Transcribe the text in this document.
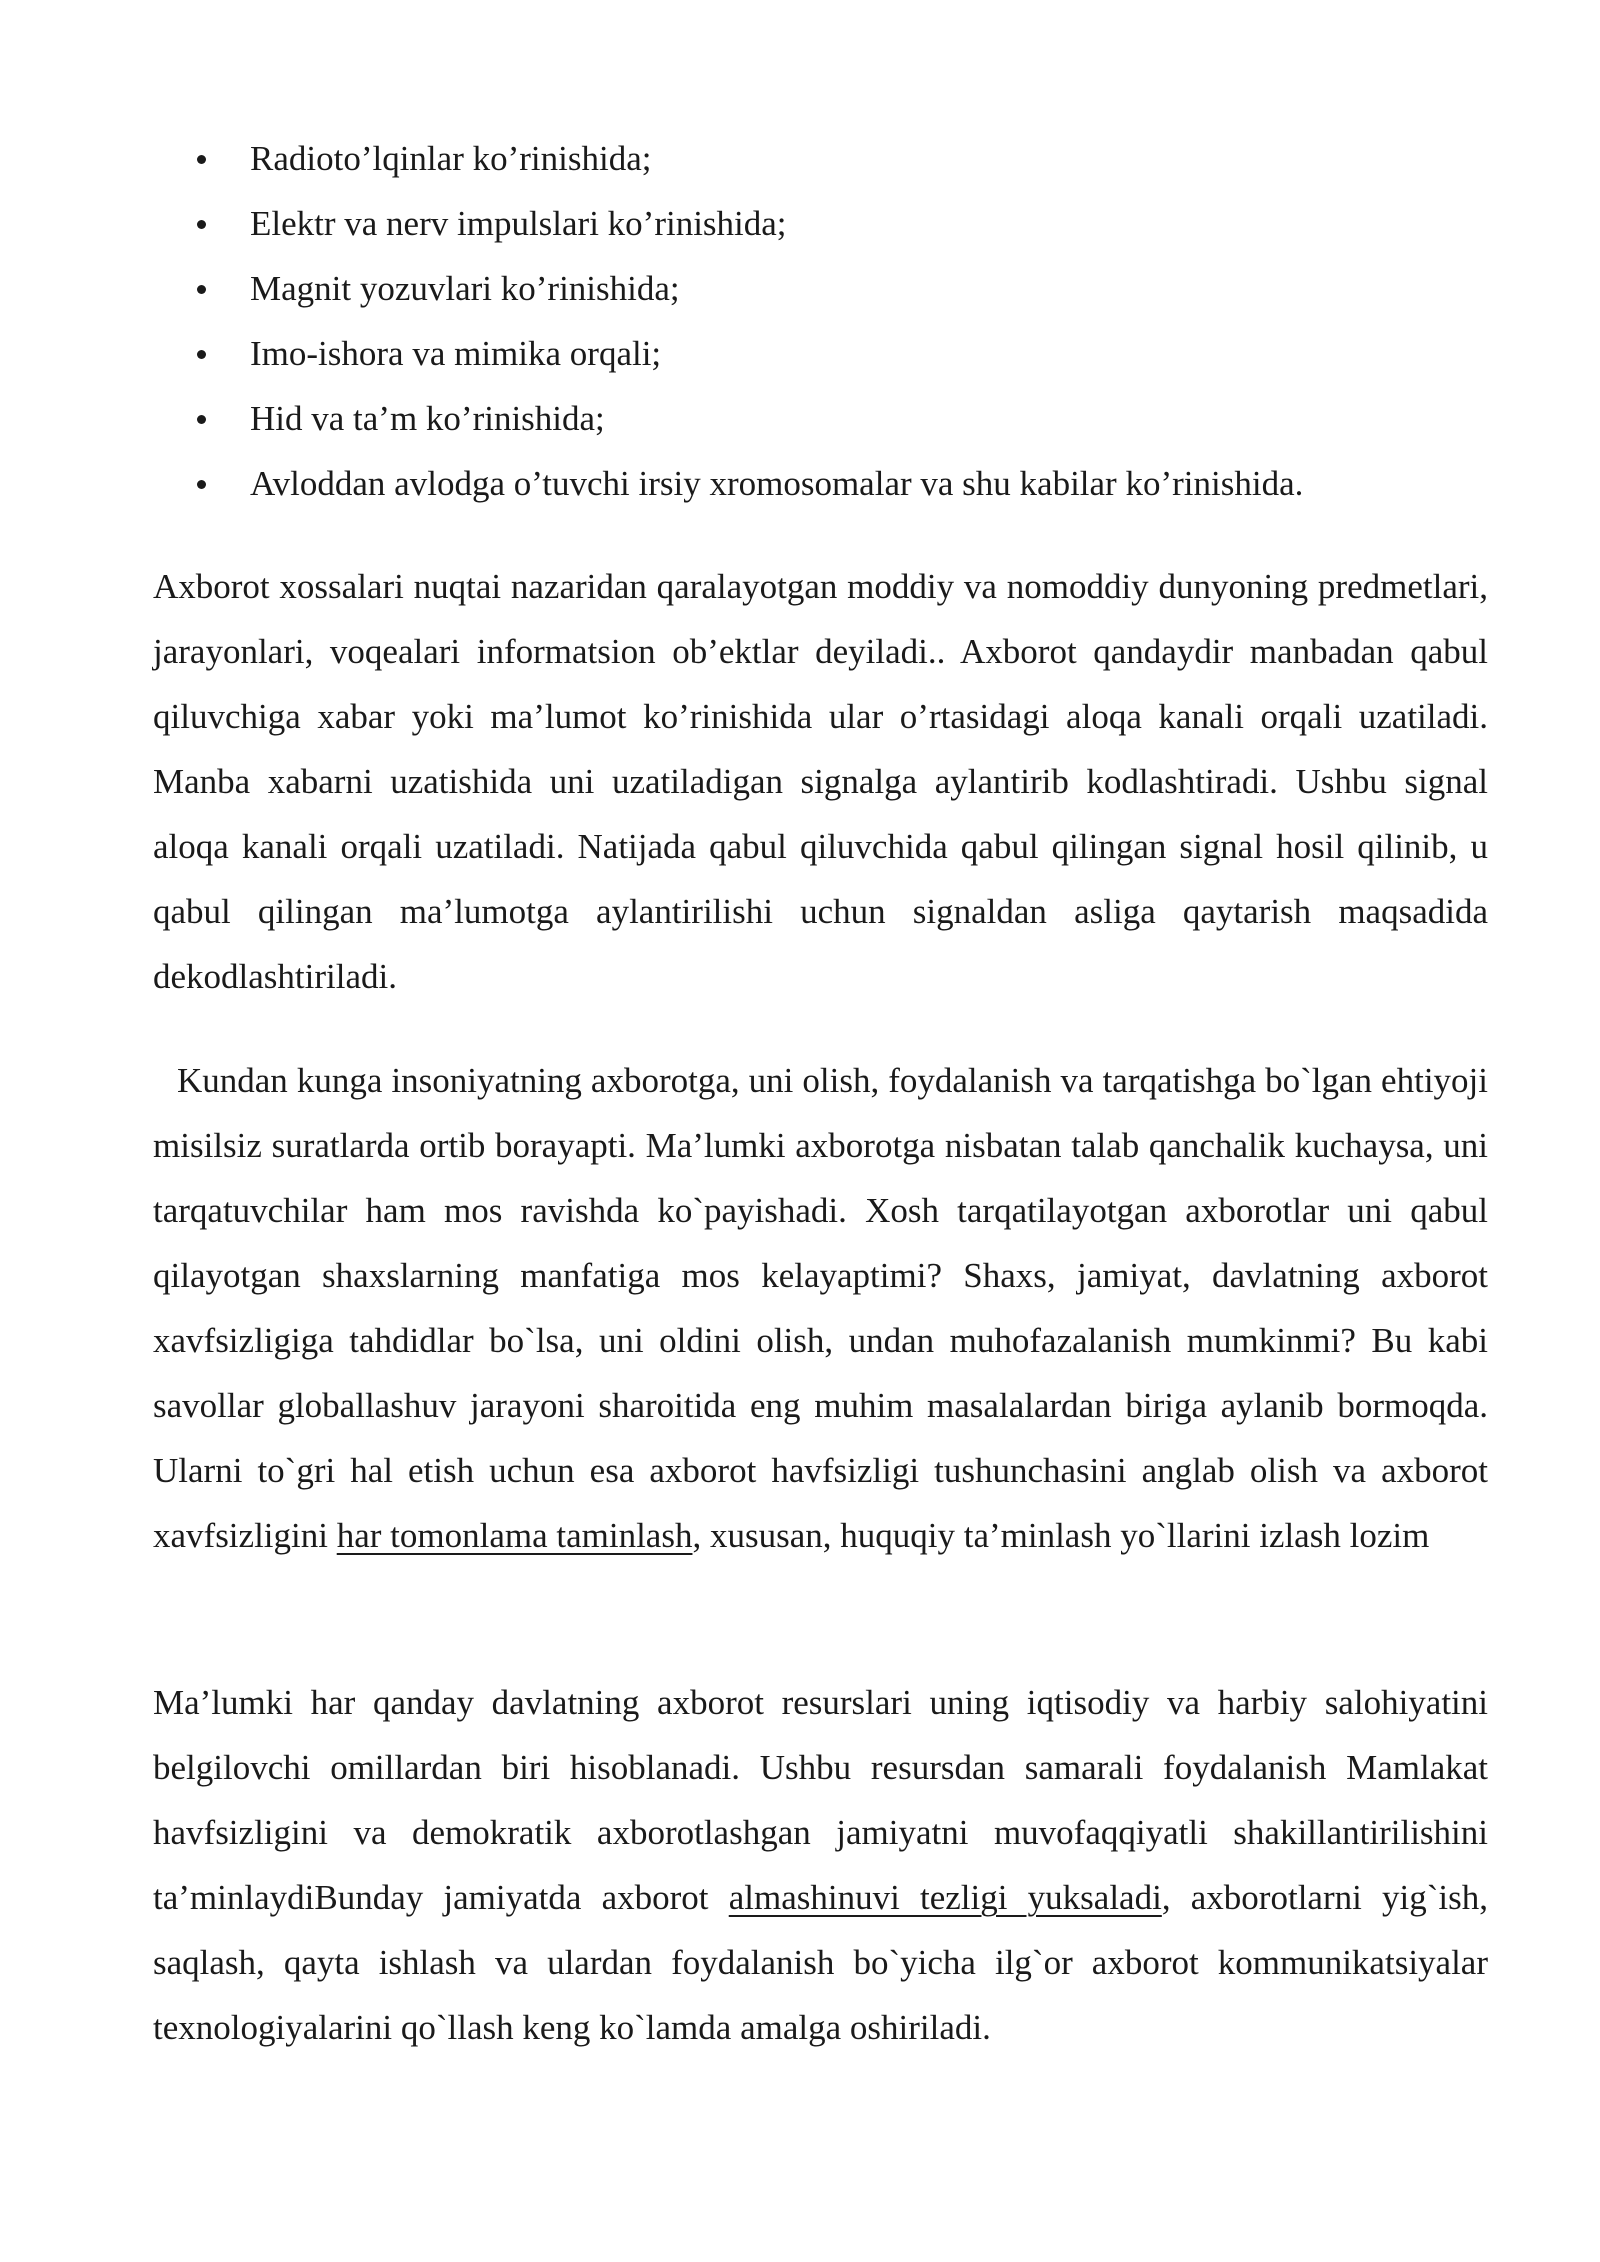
Radioto’lqinlar ko’rinishida;
Elektr va nerv impulslari ko’rinishida;
Magnit yozuvlari ko’rinishida;
Imo-ishora va mimika orqali;
Hid va ta’m ko’rinishida;
Avloddan avlodga o’tuvchi irsiy xromosomalar va shu kabilar ko’rinishida.

Axborot xossalari nuqtai nazaridan qaralayotgan moddiy va nomoddiy dunyoning predmetlari, jarayonlari, voqealari informatsion ob’ektlar deyiladi.. Axborot qandaydir manbadan qabul qiluvchiga xabar yoki ma’lumot ko’rinishida ular o’rtasidagi aloqa kanali orqali uzatiladi. Manba xabarni uzatishida uni uzatiladigan signalga aylantirib kodlashtiradi. Ushbu signal aloqa kanali orqali uzatiladi. Natijada qabul qiluvchida qabul qilingan signal hosil qilinib, u qabul qilingan ma’lumotga aylantirilishi uchun signaldan asliga qaytarish maqsadida dekodlashtiriladi.

Kundan kunga insoniyatning axborotga, uni olish, foydalanish va tarqatishga bo`lgan ehtiyoji misilsiz suratlarda ortib borayapti. Ma’lumki axborotga nisbatan talab qanchalik kuchaysa, uni tarqatuvchilar ham mos ravishda ko`payishadi. Xosh tarqatilayotgan axborotlar uni qabul qilayotgan shaxslarning manfatiga mos kelayaptimi? Shaxs, jamiyat, davlatning axborot xavfsizligiga tahdidlar bo`lsa, uni oldini olish, undan muhofazalanish mumkinmi? Bu kabi savollar globallashuv jarayoni sharoitida eng muhim masalalardan biriga aylanib bormoqda. Ularni to`gri hal etish uchun esa axborot havfsizligi tushunchasini anglab olish va axborot xavfsizligini har tomonlama taminlash, xususan, huquqiy ta’minlash yo`llarini izlash lozim

Ma’lumki har qanday davlatning axborot resurslari uning iqtisodiy va harbiy salohiyatini belgilovchi omillardan biri hisoblanadi. Ushbu resursdan samarali foydalanish Mamlakat havfsizligini va demokratik axborotlashgan jamiyatni muvofaqqiyatli shakillantirilishini ta’minlaydiBunday jamiyatda axborot almashinuvi tezligi yuksaladi, axborotlarni yig`ish, saqlash, qayta ishlash va ulardan foydalanish bo`yicha ilg`or axborot kommunikatsiyalar texnologiyalarini qo`llash keng ko`lamda amalga oshiriladi.
